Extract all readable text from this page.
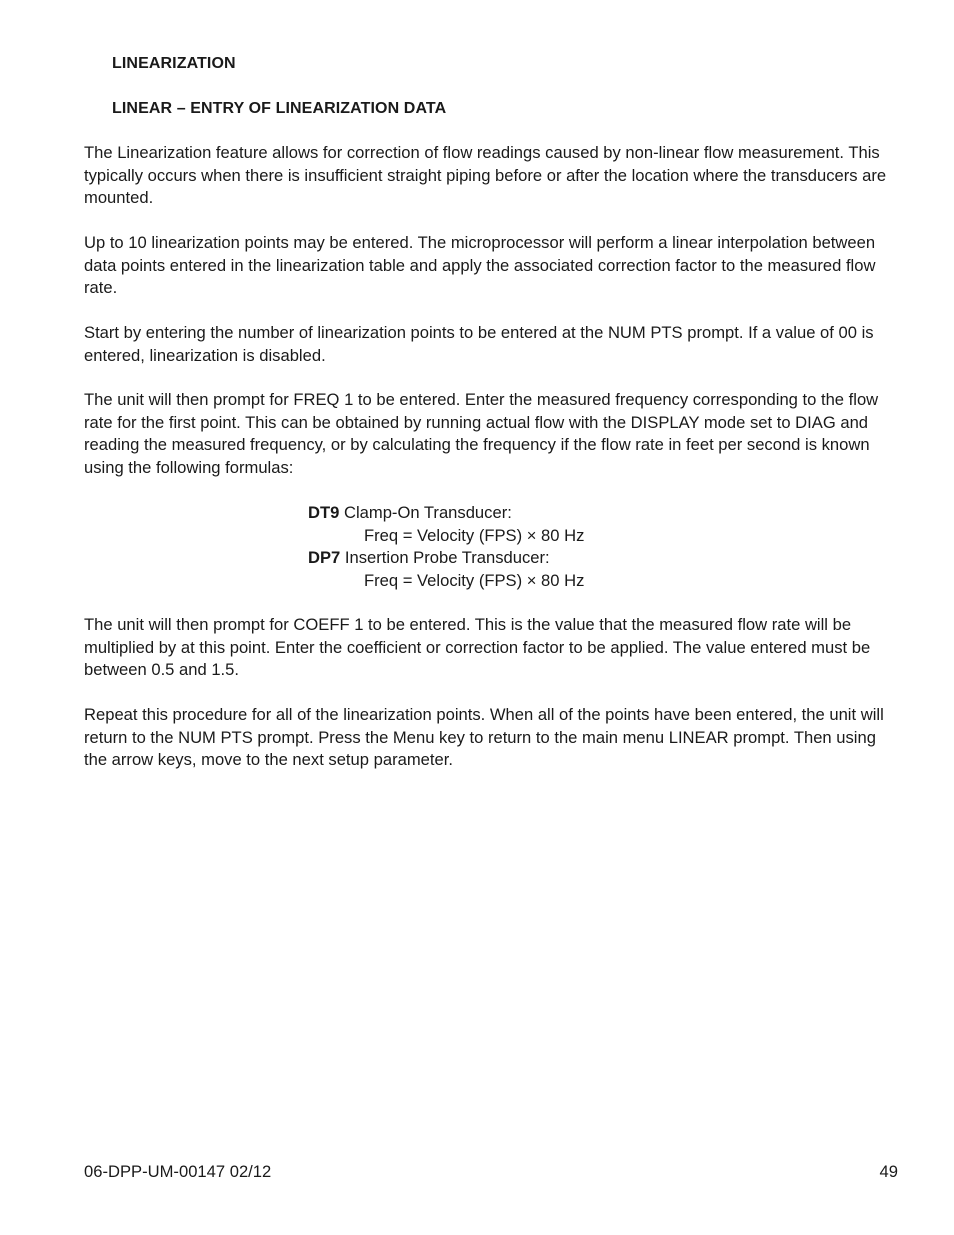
LINEARIZATION
LINEAR – ENTRY OF LINEARIZATION DATA

The Linearization feature allows for correction of flow readings caused by non-linear flow measurement. This typically occurs when there is insufficient straight piping before or after the location where the transducers are mounted.

Up to 10 linearization points may be entered. The microprocessor will perform a linear interpolation between data points entered in the linearization table and apply the associated correction factor to the measured flow rate.

Start by entering the number of linearization points to be entered at the NUM PTS prompt. If a value of 00 is entered, linearization is disabled.

The unit will then prompt for FREQ 1 to be entered. Enter the measured frequency corresponding to the flow rate for the first point. This can be obtained by running actual flow with the DISPLAY mode set to DIAG and reading the measured frequency, or by calculating the frequency if the flow rate in feet per second is known using the following formulas:

DT9 Clamp-On Transducer:
Freq = Velocity (FPS) × 80 Hz
DP7 Insertion Probe Transducer:
Freq = Velocity (FPS) × 80 Hz

The unit will then prompt for COEFF 1 to be entered. This is the value that the measured flow rate will be multiplied by at this point. Enter the coefficient or correction factor to be applied. The value entered must be between 0.5 and 1.5.

Repeat this procedure for all of the linearization points. When all of the points have been entered, the unit will return to the NUM PTS prompt. Press the Menu key to return to the main menu LINEAR prompt. Then using the arrow keys, move to the next setup parameter.

06-DPP-UM-00147 02/12	49
